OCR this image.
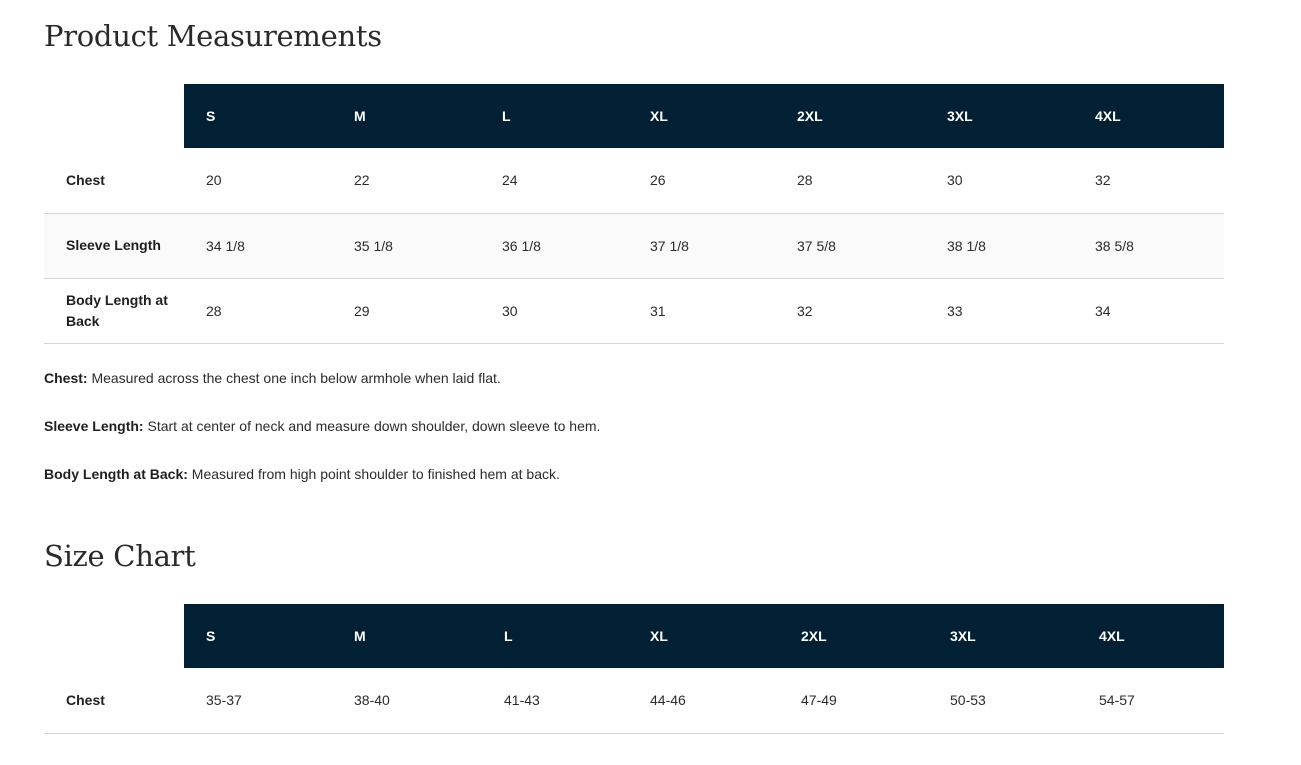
Product Measurements
	S	M	L	XL	2XL	3XL	4XL
Chest	20	22	24	26	28	30	32
Sleeve Length	34 1/8	35 1/8	36 1/8	37 1/8	37 5/8	38 1/8	38 5/8
Body Length at Back	28	29	30	31	32	33	34

Chest: Measured across the chest one inch below armhole when laid flat.

Sleeve Length: Start at center of neck and measure down shoulder, down sleeve to hem.

Body Length at Back: Measured from high point shoulder to finished hem at back.

Size Chart
	S	M	L	XL	2XL	3XL	4XL
Chest	35-37	38-40	41-43	44-46	47-49	50-53	54-57
